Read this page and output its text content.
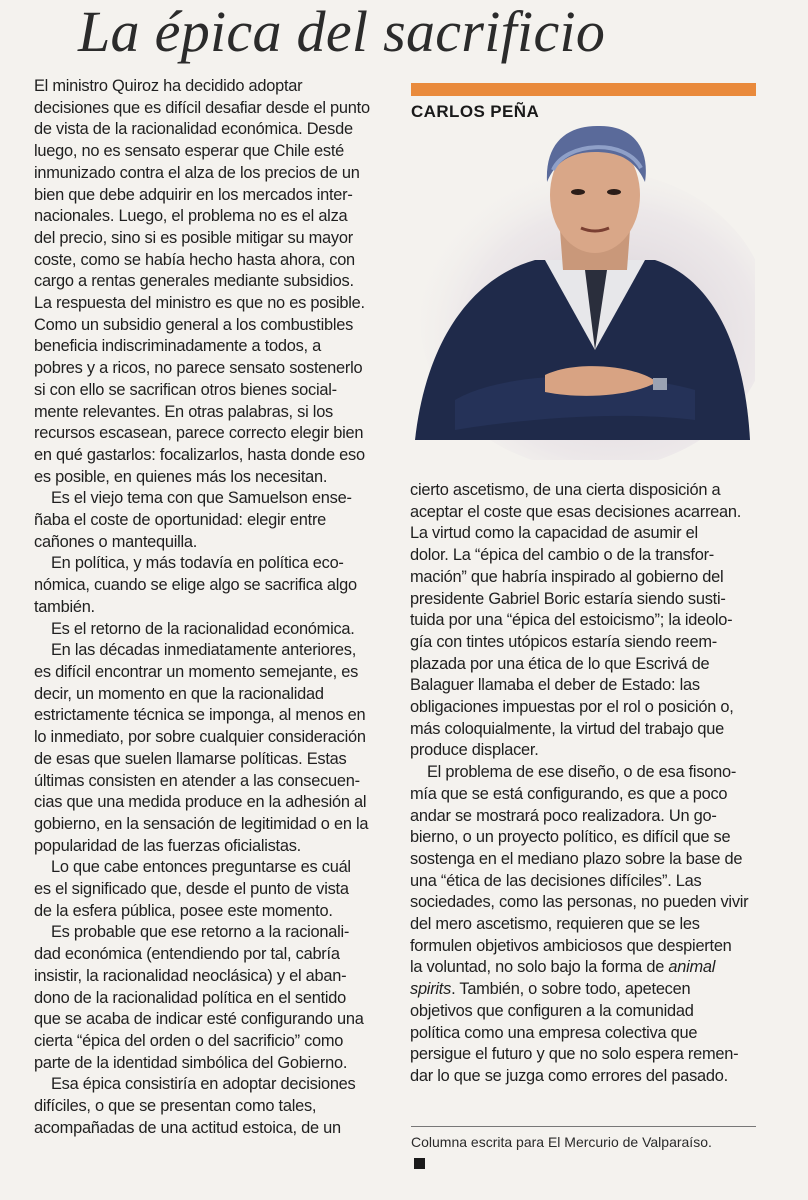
La épica del sacrificio

El ministro Quiroz ha decidido adoptar
decisiones que es difícil desafiar desde el punto
de vista de la racionalidad económica. Desde
luego, no es sensato esperar que Chile esté
inmunizado contra el alza de los precios de un
bien que debe adquirir en los mercados inter-
nacionales. Luego, el problema no es el alza
del precio, sino si es posible mitigar su mayor
coste, como se había hecho hasta ahora, con
cargo a rentas generales mediante subsidios.
La respuesta del ministro es que no es posible.
Como un subsidio general a los combustibles
beneficia indiscriminadamente a todos, a
pobres y a ricos, no parece sensato sostenerlo
si con ello se sacrifican otros bienes social-
mente relevantes. En otras palabras, si los
recursos escasean, parece correcto elegir bien
en qué gastarlos: focalizarlos, hasta donde eso
es posible, en quienes más los necesitan.

Es el viejo tema con que Samuelson ense-
ñaba el coste de oportunidad: elegir entre
cañones o mantequilla.

En política, y más todavía en política eco-
nómica, cuando se elige algo se sacrifica algo
también.

Es el retorno de la racionalidad económica.

En las décadas inmediatamente anteriores,
es difícil encontrar un momento semejante, es
decir, un momento en que la racionalidad
estrictamente técnica se imponga, al menos en
lo inmediato, por sobre cualquier consideración
de esas que suelen llamarse políticas. Estas
últimas consisten en atender a las consecuen-
cias que una medida produce en la adhesión al
gobierno, en la sensación de legitimidad o en la
popularidad de las fuerzas oficialistas.

Lo que cabe entonces preguntarse es cuál
es el significado que, desde el punto de vista
de la esfera pública, posee este momento.

Es probable que ese retorno a la racionali-
dad económica (entendiendo por tal, cabría
insistir, la racionalidad neoclásica) y el aban-
dono de la racionalidad política en el sentido
que se acaba de indicar esté configurando una
cierta “épica del orden o del sacrificio” como
parte de la identidad simbólica del Gobierno.

Esa épica consistiría en adoptar decisiones
difíciles, o que se presentan como tales,
acompañadas de una actitud estoica, de un

CARLOS PEÑA

cierto ascetismo, de una cierta disposición a
aceptar el coste que esas decisiones acarrean.
La virtud como la capacidad de asumir el
dolor. La “épica del cambio o de la transfor-
mación” que habría inspirado al gobierno del
presidente Gabriel Boric estaría siendo susti-
tuida por una “épica del estoicismo”; la ideolo-
gía con tintes utópicos estaría siendo reem-
plazada por una ética de lo que Escrivá de
Balaguer llamaba el deber de Estado: las
obligaciones impuestas por el rol o posición o,
más coloquialmente, la virtud del trabajo que
produce displacer.

El problema de ese diseño, o de esa fisono-
mía que se está configurando, es que a poco
andar se mostrará poco realizadora. Un go-
bierno, o un proyecto político, es difícil que se
sostenga en el mediano plazo sobre la base de
una “ética de las decisiones difíciles”. Las
sociedades, como las personas, no pueden vivir
del mero ascetismo, requieren que se les
formulen objetivos ambiciosos que despierten
la voluntad, no solo bajo la forma de animal
spirits. También, o sobre todo, apetecen
objetivos que configuren a la comunidad
política como una empresa colectiva que
persigue el futuro y que no solo espera remen-
dar lo que se juzga como errores del pasado.

Columna escrita para El Mercurio de Valparaíso.
